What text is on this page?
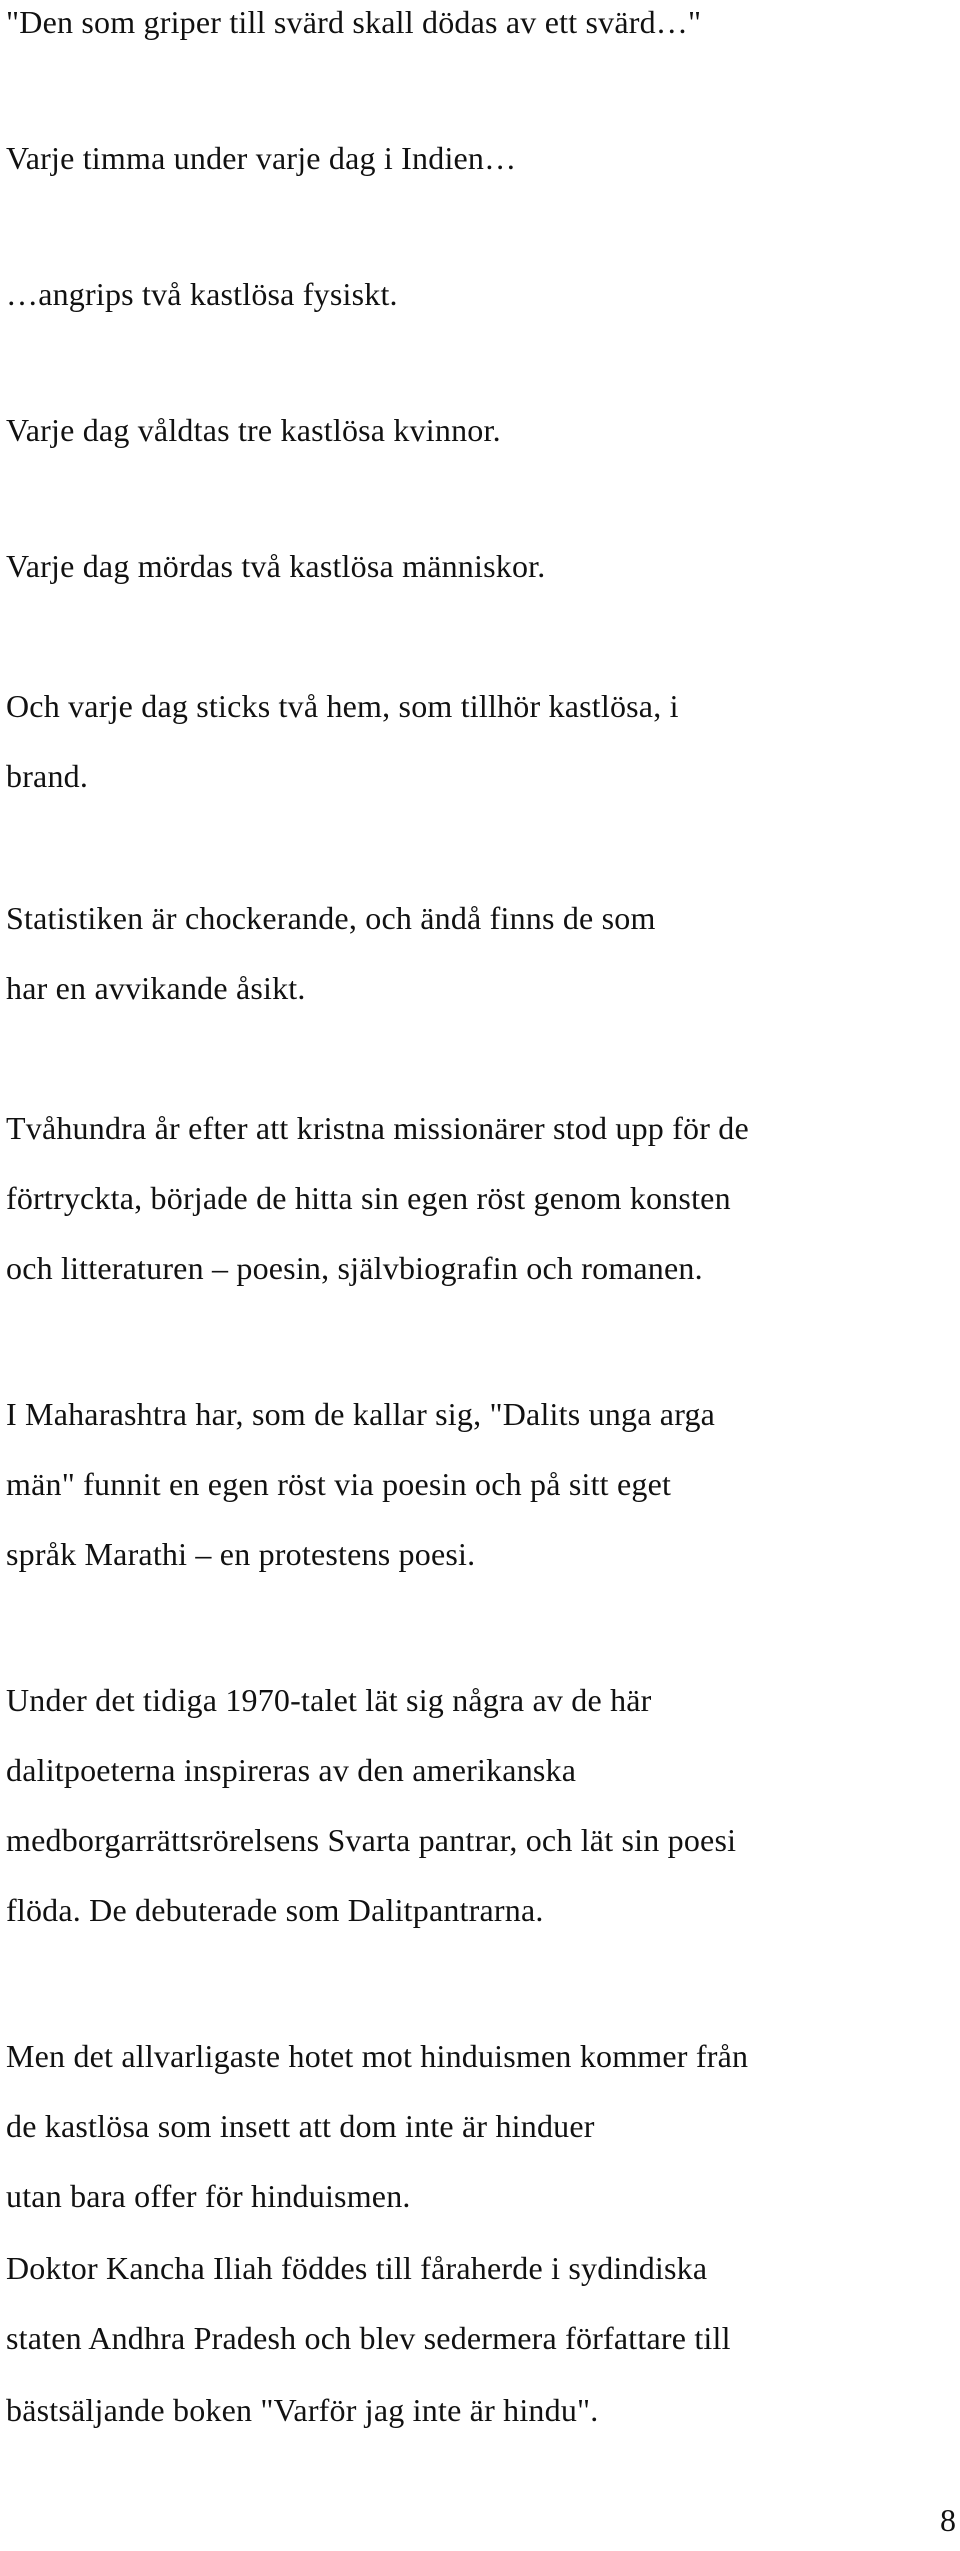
"Den som griper till svärd skall dödas av ett svärd…"

Varje timma under varje dag i Indien…

…angrips två kastlösa fysiskt.

Varje dag våldtas tre kastlösa kvinnor.

Varje dag mördas två kastlösa människor.

Och varje dag sticks två hem, som tillhör kastlösa, i

brand.

Statistiken är chockerande, och ändå finns de som

har en avvikande åsikt.

Tvåhundra år efter att kristna missionärer stod upp för de

förtryckta, började de hitta sin egen röst genom konsten

och litteraturen – poesin, självbiografin och romanen.

I Maharashtra har, som de kallar sig, "Dalits unga arga

män" funnit en egen röst via poesin och på sitt eget

språk Marathi – en protestens poesi.

Under det tidiga 1970-talet lät sig några av de här

dalitpoeterna inspireras av den amerikanska

medborgarrättsrörelsens Svarta pantrar, och lät sin poesi

flöda. De debuterade som Dalitpantrarna.

Men det allvarligaste hotet mot hinduismen kommer från

de kastlösa som insett att dom inte är hinduer

utan bara offer för hinduismen.

Doktor Kancha Iliah föddes till fåraherde i sydindiska

staten Andhra Pradesh och blev sedermera författare till

bästsäljande boken "Varför jag inte är hindu".

8
